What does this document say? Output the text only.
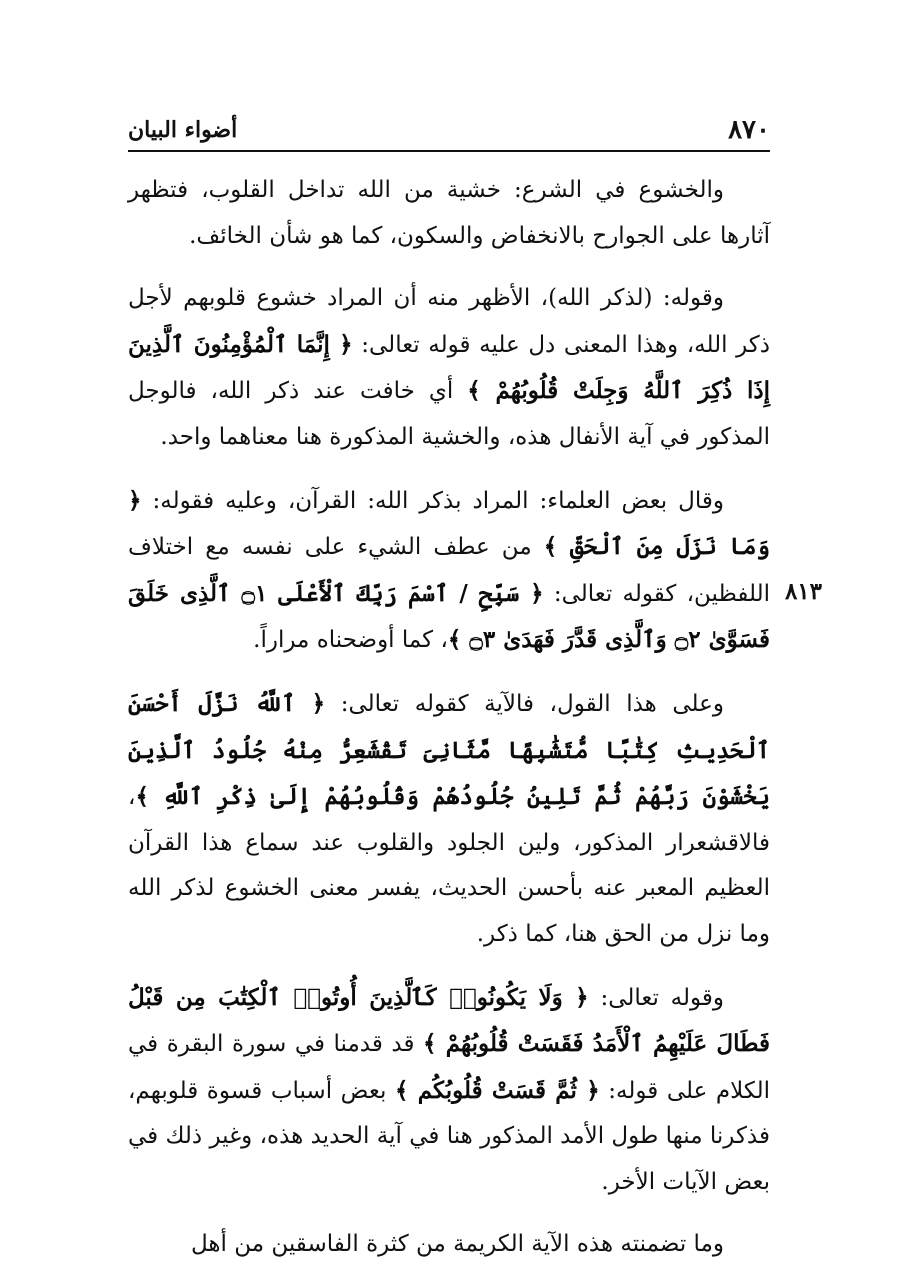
٨٧٠
أضواء البيان

والخشوع في الشرع: خشية من الله تداخل القلوب، فتظهر آثارها على الجوارح بالانخفاض والسكون، كما هو شأن الخائف.

وقوله: (لذكر الله)، الأظهر منه أن المراد خشوع قلوبهم لأجل ذكر الله، وهذا المعنى دل عليه قوله تعالى: ﴿ إِنَّمَا ٱلْمُؤْمِنُونَ ٱلَّذِينَ إِذَا ذُكِرَ ٱللَّهُ وَجِلَتْ قُلُوبُهُمْ ﴾ أي خافت عند ذكر الله، فالوجل المذكور في آية الأنفال هذه، والخشية المذكورة هنا معناهما واحد.

٨١٣
وقال بعض العلماء: المراد بذكر الله: القرآن، وعليه فقوله: ﴿ وَمَا نَزَلَ مِنَ ٱلْحَقِّ ﴾ من عطف الشيء على نفسه مع اختلاف اللفظين، كقوله تعالى: ﴿ سَبِّحِ / ٱسْمَ رَبِّكَ ٱلْأَعْلَى ۝١ ٱلَّذِى خَلَقَ فَسَوَّىٰ ۝٢ وَٱلَّذِى قَدَّرَ فَهَدَىٰ ۝٣ ﴾، كما أوضحناه مراراً.

وعلى هذا القول، فالآية كقوله تعالى: ﴿ ٱللَّهُ نَزَّلَ أَحْسَنَ ٱلْحَدِيثِ كِتَٰبًا مُّتَشَٰبِهًا مَّثَانِىَ تَقْشَعِرُّ مِنْهُ جُلُودُ ٱلَّذِينَ يَخْشَوْنَ رَبَّهُمْ ثُمَّ تَلِينُ جُلُودُهُمْ وَقُلُوبُهُمْ إِلَىٰ ذِكْرِ ٱللَّهِ ﴾، فالاقشعرار المذكور، ولين الجلود والقلوب عند سماع هذا القرآن العظيم المعبر عنه بأحسن الحديث، يفسر معنى الخشوع لذكر الله وما نزل من الحق هنا، كما ذكر.

وقوله تعالى: ﴿ وَلَا يَكُونُوا۟ كَٱلَّذِينَ أُوتُوا۟ ٱلْكِتَٰبَ مِن قَبْلُ فَطَالَ عَلَيْهِمُ ٱلْأَمَدُ فَقَسَتْ قُلُوبُهُمْ ﴾ قد قدمنا في سورة البقرة في الكلام على قوله: ﴿ ثُمَّ قَسَتْ قُلُوبُكُم ﴾ بعض أسباب قسوة قلوبهم، فذكرنا منها طول الأمد المذكور هنا في آية الحديد هذه، وغير ذلك في بعض الآيات الأخر.

وما تضمنته هذه الآية الكريمة من كثرة الفاسقين من أهل
